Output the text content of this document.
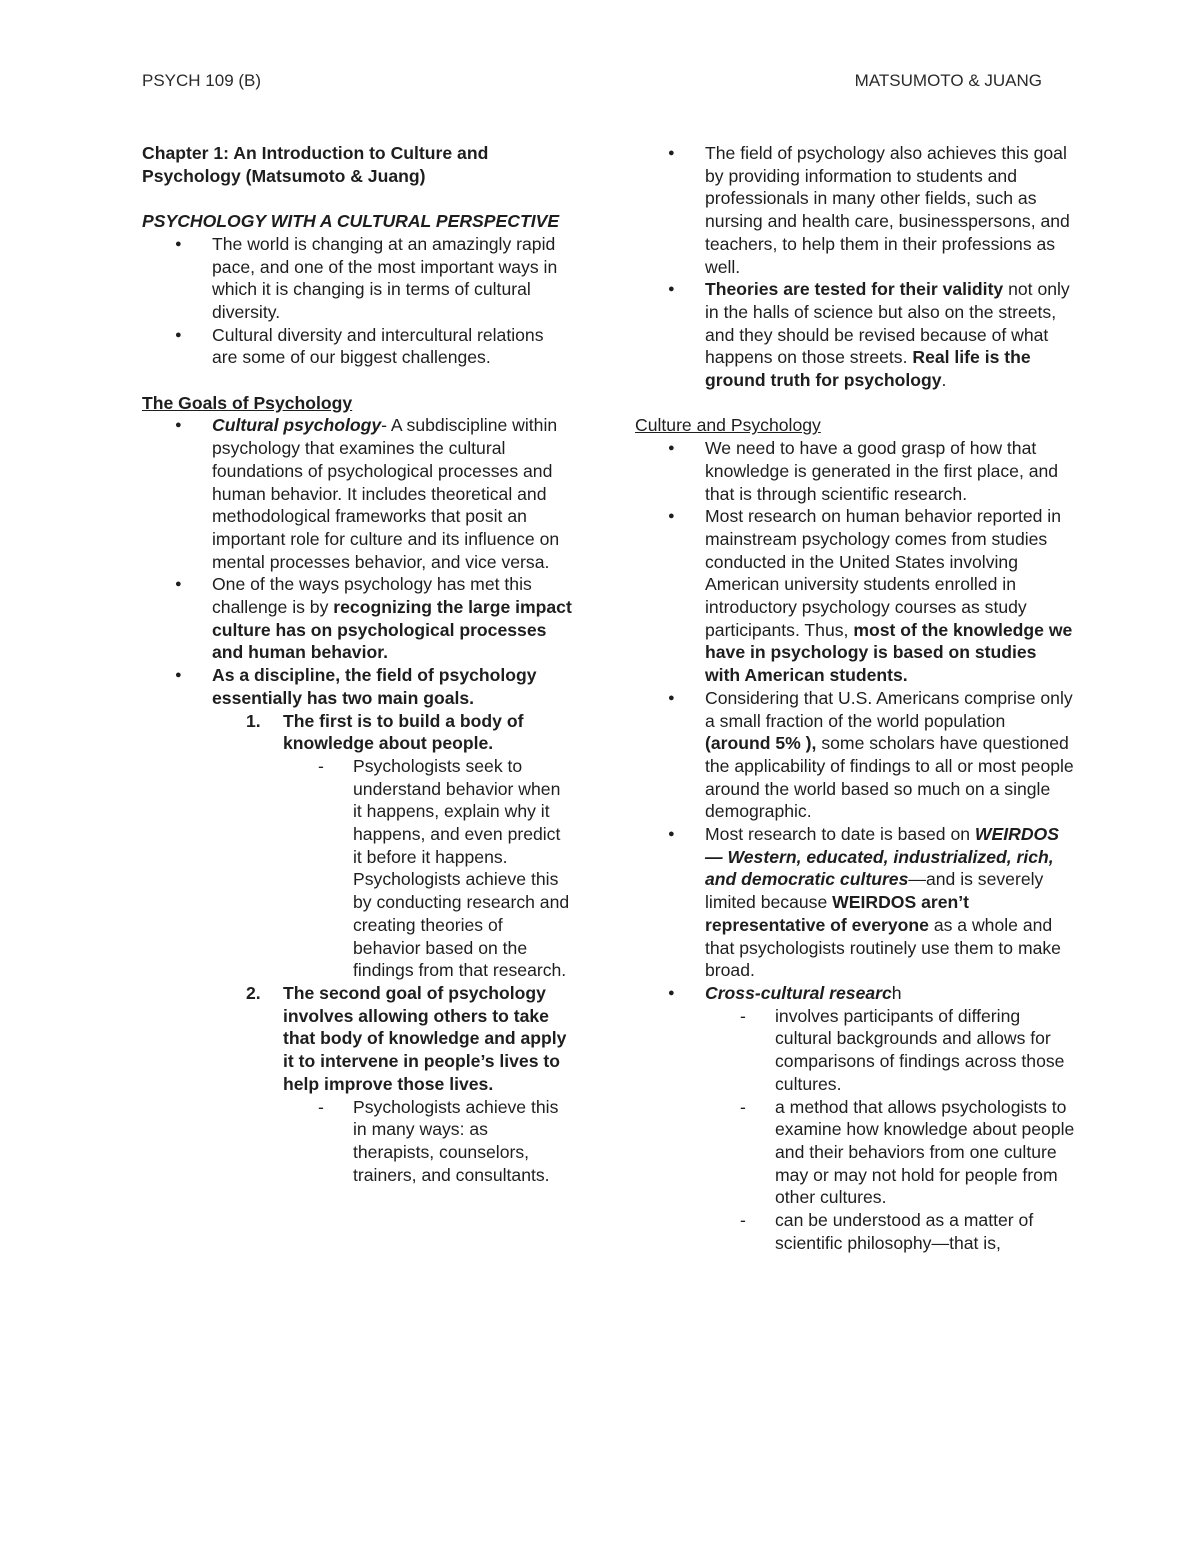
PSYCH 109 (B)	MATSUMOTO & JUANG

Chapter 1: An Introduction to Culture and Psychology (Matsumoto & Juang)

PSYCHOLOGY WITH A CULTURAL PERSPECTIVE

● The world is changing at an amazingly rapid pace, and one of the most important ways in which it is changing is in terms of cultural diversity.
● Cultural diversity and intercultural relations are some of our biggest challenges.

The Goals of Psychology

● Cultural psychology- A subdiscipline within psychology that examines the cultural foundations of psychological processes and human behavior. It includes theoretical and methodological frameworks that posit an important role for culture and its influence on mental processes behavior, and vice versa.
● One of the ways psychology has met this challenge is by recognizing the large impact culture has on psychological processes and human behavior.
● As a discipline, the field of psychology essentially has two main goals.
1. The first is to build a body of knowledge about people.
- Psychologists seek to understand behavior when it happens, explain why it happens, and even predict it before it happens. Psychologists achieve this by conducting research and creating theories of behavior based on the findings from that research.
2. The second goal of psychology involves allowing others to take that body of knowledge and apply it to intervene in people’s lives to help improve those lives.
- Psychologists achieve this in many ways: as therapists, counselors, trainers, and consultants.
● The field of psychology also achieves this goal by providing information to students and professionals in many other fields, such as nursing and health care, businesspersons, and teachers, to help them in their professions as well.
● Theories are tested for their validity not only in the halls of science but also on the streets, and they should be revised because of what happens on those streets. Real life is the ground truth for psychology.

Culture and Psychology

● We need to have a good grasp of how that knowledge is generated in the first place, and that is through scientific research.
● Most research on human behavior reported in mainstream psychology comes from studies conducted in the United States involving American university students enrolled in introductory psychology courses as study participants. Thus, most of the knowledge we have in psychology is based on studies with American students.
● Considering that U.S. Americans comprise only a small fraction of the world population (around 5% ), some scholars have questioned the applicability of findings to all or most people around the world based so much on a single demographic.
● Most research to date is based on WEIRDOS— Western, educated, industrialized, rich, and democratic cultures—and is severely limited because WEIRDOS aren’t representative of everyone as a whole and that psychologists routinely use them to make broad.
● Cross-cultural research
- involves participants of differing cultural backgrounds and allows for comparisons of findings across those cultures.
- a method that allows psychologists to examine how knowledge about people and their behaviors from one culture may or may not hold for people from other cultures.
- can be understood as a matter of scientific philosophy—that is,
